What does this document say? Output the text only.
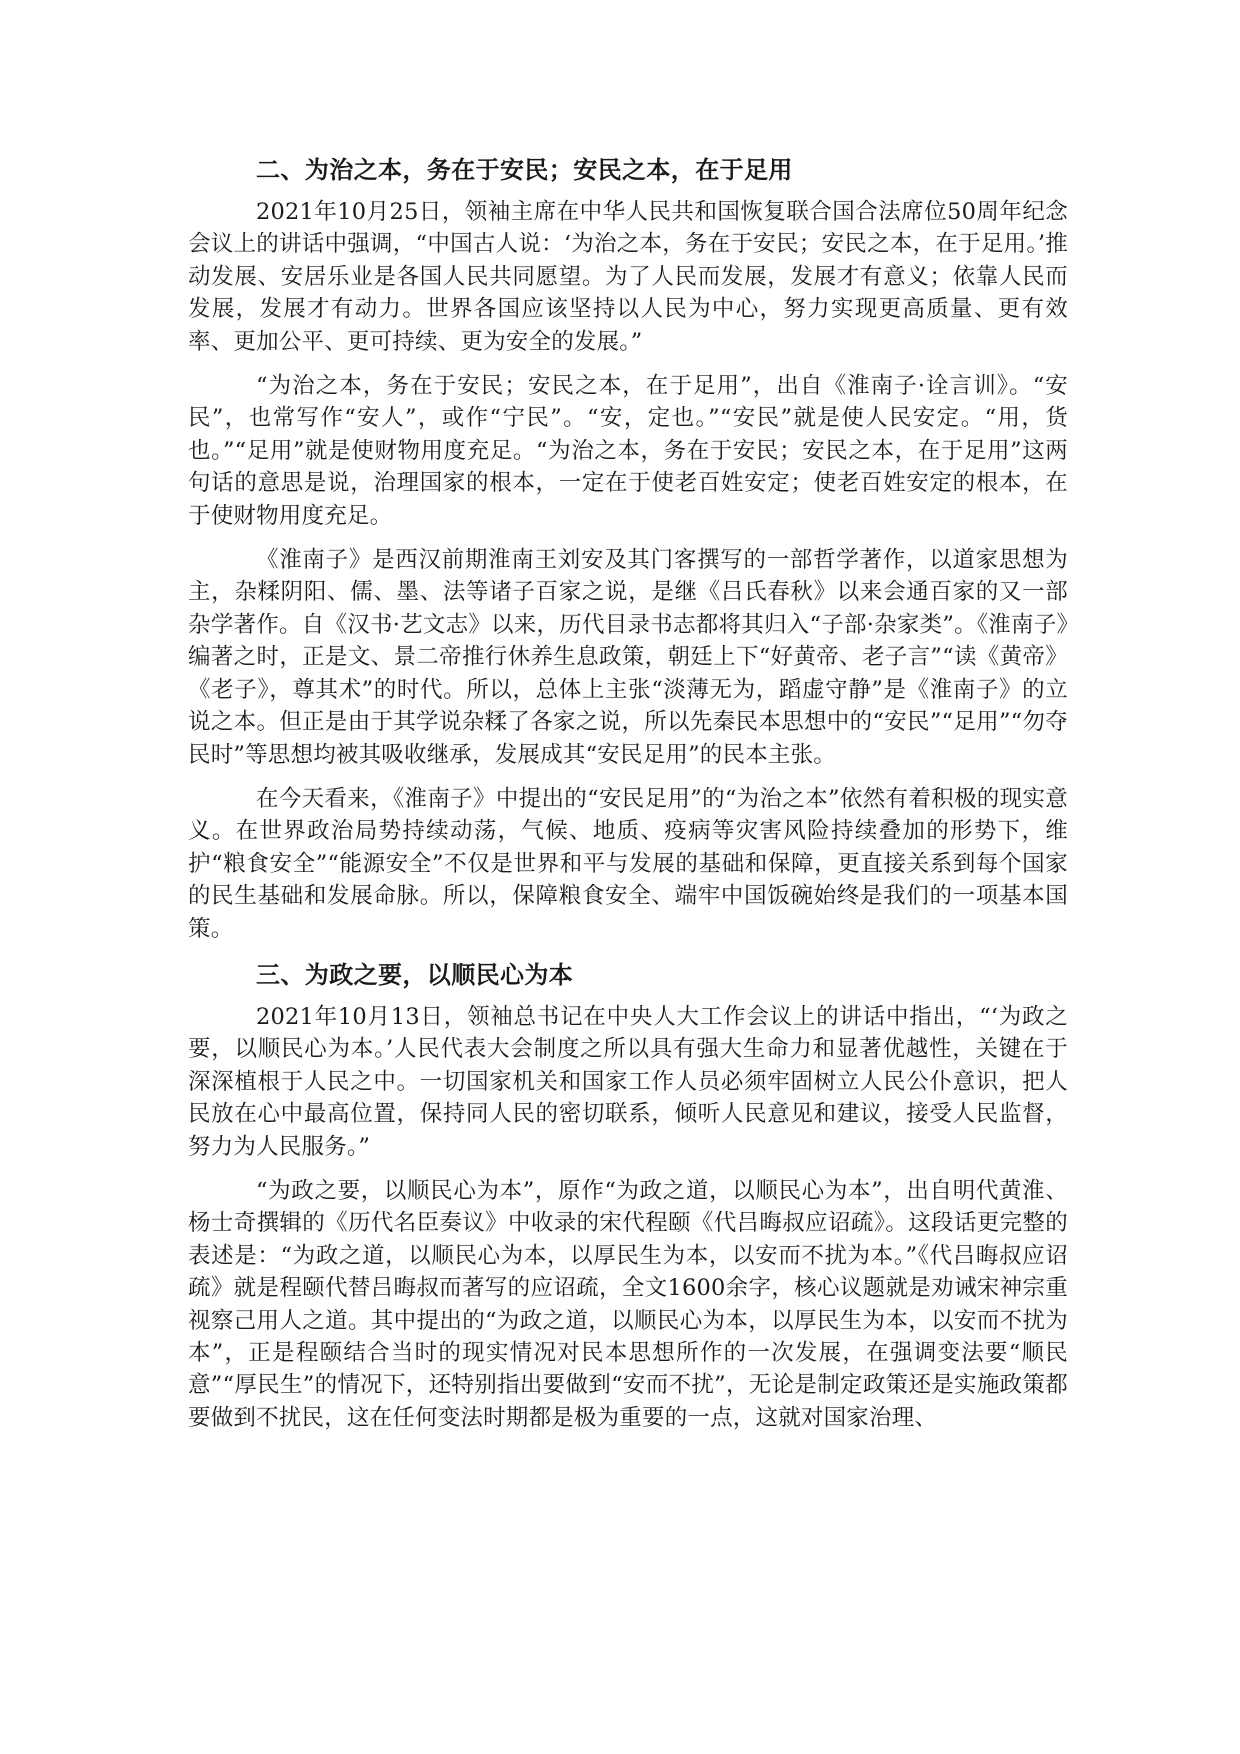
二、为治之本，务在于安民；安民之本，在于足用

2021年10月25日，领袖主席在中华人民共和国恢复联合国合法席位50周年纪念会议上的讲话中强调，“中国古人说：‘为治之本，务在于安民；安民之本，在于足用。’推动发展、安居乐业是各国人民共同愿望。为了人民而发展，发展才有意义；依靠人民而发展，发展才有动力。世界各国应该坚持以人民为中心，努力实现更高质量、更有效率、更加公平、更可持续、更为安全的发展。”

“为治之本，务在于安民；安民之本，在于足用”，出自《淮南子·诠言训》。“安民”，也常写作“安人”，或作“宁民”。“安，定也。”“安民”就是使人民安定。“用，货也。”“足用”就是使财物用度充足。“为治之本，务在于安民；安民之本，在于足用”这两句话的意思是说，治理国家的根本，一定在于使老百姓安定；使老百姓安定的根本，在于使财物用度充足。

《淮南子》是西汉前期淮南王刘安及其门客撰写的一部哲学著作，以道家思想为主，杂糅阴阳、儒、墨、法等诸子百家之说，是继《吕氏春秋》以来会通百家的又一部杂学著作。自《汉书·艺文志》以来，历代目录书志都将其归入“子部·杂家类”。《淮南子》编著之时，正是文、景二帝推行休养生息政策，朝廷上下“好黄帝、老子言”“读《黄帝》《老子》，尊其术”的时代。所以，总体上主张“淡薄无为，蹈虚守静”是《淮南子》的立说之本。但正是由于其学说杂糅了各家之说，所以先秦民本思想中的“安民”“足用”“勿夺民时”等思想均被其吸收继承，发展成其“安民足用”的民本主张。

在今天看来，《淮南子》中提出的“安民足用”的“为治之本”依然有着积极的现实意义。在世界政治局势持续动荡，气候、地质、疫病等灾害风险持续叠加的形势下，维护“粮食安全”“能源安全”不仅是世界和平与发展的基础和保障，更直接关系到每个国家的民生基础和发展命脉。所以，保障粮食安全、端牢中国饭碗始终是我们的一项基本国策。

三、为政之要，以顺民心为本

2021年10月13日，领袖总书记在中央人大工作会议上的讲话中指出，“‘为政之要，以顺民心为本。’人民代表大会制度之所以具有强大生命力和显著优越性，关键在于深深植根于人民之中。一切国家机关和国家工作人员必须牢固树立人民公仆意识，把人民放在心中最高位置，保持同人民的密切联系，倾听人民意见和建议，接受人民监督，努力为人民服务。”

“为政之要，以顺民心为本”，原作“为政之道，以顺民心为本”，出自明代黄淮、杨士奇撰辑的《历代名臣奏议》中收录的宋代程颐《代吕晦叔应诏疏》。这段话更完整的表述是：“为政之道，以顺民心为本，以厚民生为本，以安而不扰为本。”《代吕晦叔应诏疏》就是程颐代替吕晦叔而著写的应诏疏，全文1600余字，核心议题就是劝诫宋神宗重视察己用人之道。其中提出的“为政之道，以顺民心为本，以厚民生为本，以安而不扰为本”，正是程颐结合当时的现实情况对民本思想所作的一次发展，在强调变法要“顺民意”“厚民生”的情况下，还特别指出要做到“安而不扰”，无论是制定政策还是实施政策都要做到不扰民，这在任何变法时期都是极为重要的一点，这就对国家治理、
